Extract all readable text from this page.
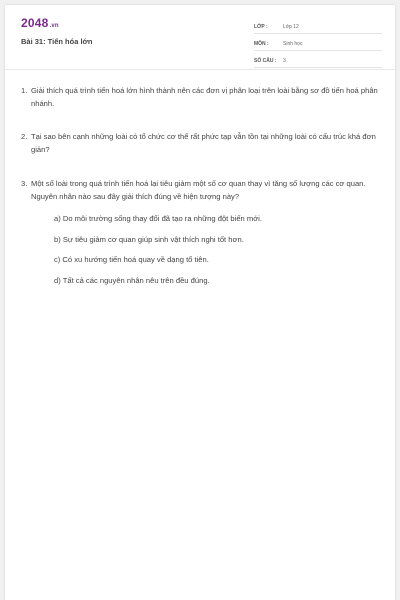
2048.vn
Bài 31: Tiến hóa lớn
LỚP :	Lớp 12
MÔN :	Sinh học
SỐ CÂU :	3
1. Giải thích quá trình tiến hoá lớn hình thành nên các đơn vị phân loại trên loài bằng sơ đồ tiến hoá phân nhánh.
2. Tại sao bên cạnh những loài có tổ chức cơ thể rất phức tạp vẫn tồn tại những loài có cấu trúc khá đơn giản?
3. Một số loài trong quá trình tiến hoá lại tiêu giảm một số cơ quan thay vì tăng số lượng các cơ quan. Nguyên nhân nào sau đây giải thích đúng về hiện tượng này?
a) Do môi trường sống thay đổi đã tạo ra những đột biến mới.
b) Sự tiêu giảm cơ quan giúp sinh vật thích nghi tốt hơn.
c) Có xu hướng tiến hoá quay về dạng tổ tiên.
d) Tất cả các nguyên nhân nêu trên đều đúng.
